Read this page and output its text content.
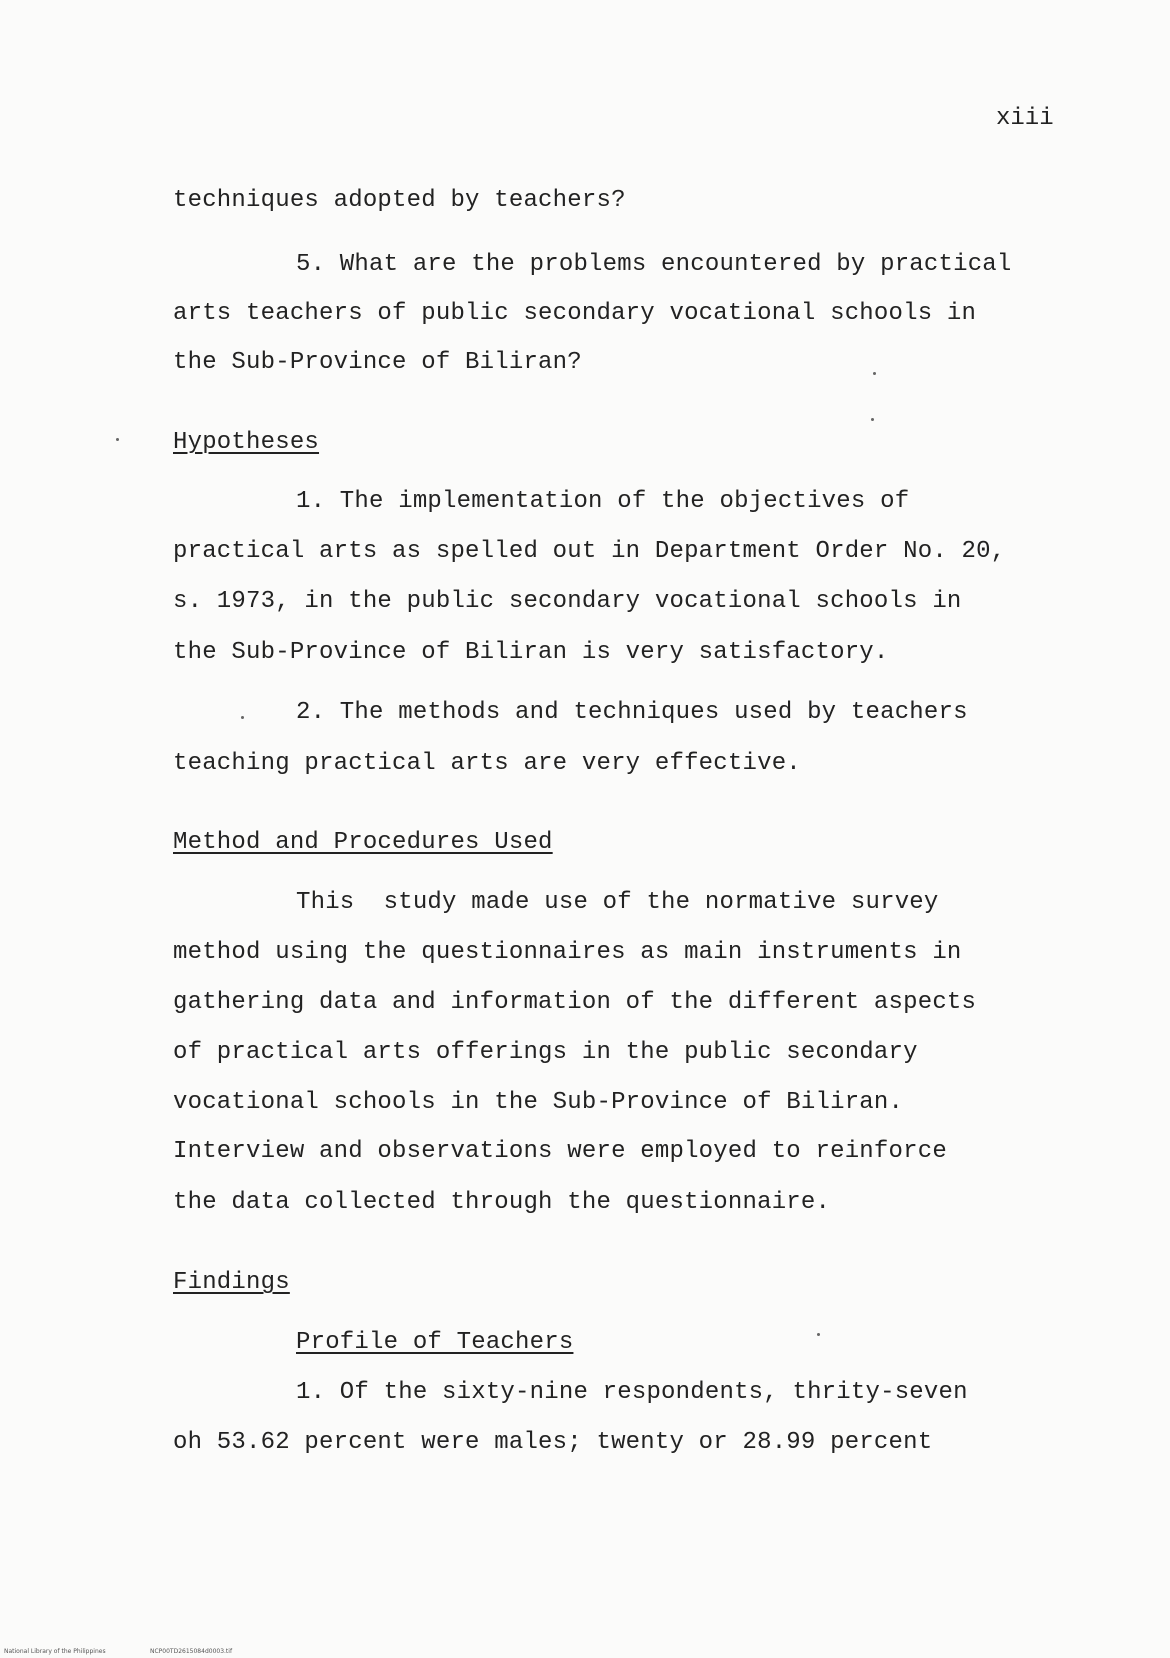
xiii
techniques adopted by teachers?
5. What are the problems encountered by practical
arts teachers of public secondary vocational schools in
the Sub-Province of Biliran?
Hypotheses
1. The implementation of the objectives of
practical arts as spelled out in Department Order No. 20,
s. 1973, in the public secondary vocational schools in
the Sub-Province of Biliran is very satisfactory.
2. The methods and techniques used by teachers
teaching practical arts are very effective.
Method and Procedures Used
This  study made use of the normative survey
method using the questionnaires as main instruments in
gathering data and information of the different aspects
of practical arts offerings in the public secondary
vocational schools in the Sub-Province of Biliran.
Interview and observations were employed to reinforce
the data collected through the questionnaire.
Findings
Profile of Teachers
1. Of the sixty-nine respondents, thrity-seven
oh 53.62 percent were males; twenty or 28.99 percent
National Library of the Philippines	NCP00TD2615084d0003.tif
